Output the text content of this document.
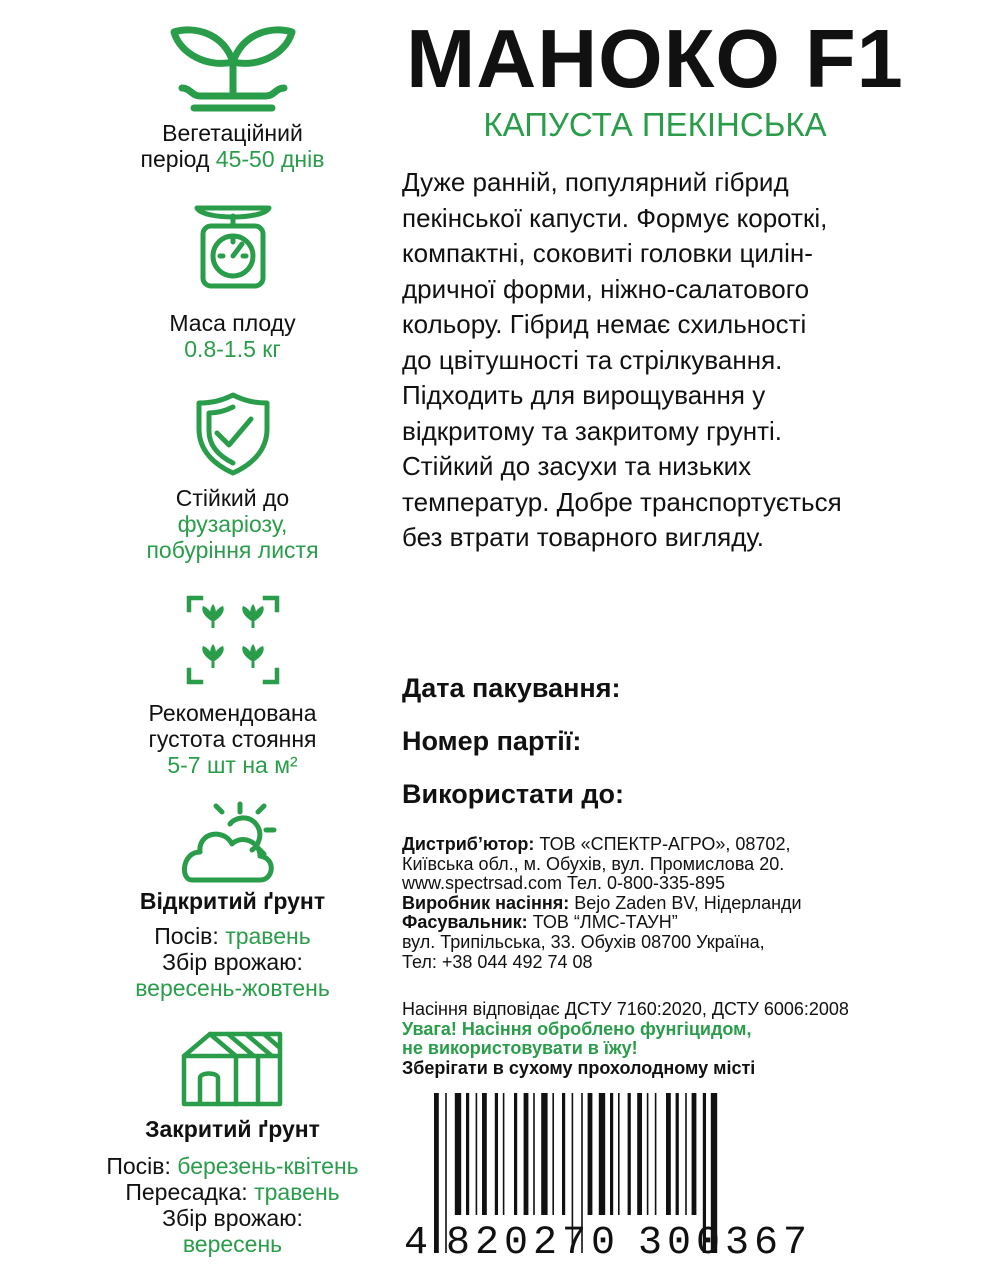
Вегетаційний
період 45-50 днів
Маса плоду
0.8-1.5 кг
Стійкий до
фузаріозу,
побуріння листя
Рекомендована
густота стояння
5-7 шт на м²
Відкритий ґрунт
Посів: травень
Збір врожаю:
вересень-жовтень
Закритий ґрунт
Посів: березень-квітень
Пересадка: травень
Збір врожаю:
вересень
МАНОКО F1
КАПУСТА ПЕКІНСЬКА

Дуже ранній, популярний гібрид

пекінської капусти. Формує короткі,

компактні, соковиті головки цилін-

дричної форми, ніжно-салатового

кольору. Гібрид немає схильності

до цвітушності та стрілкування.

Підходить для вирощування у

відкритому та закритому грунті.

Стійкий до засухи та низьких

температур. Добре транспортується

без втрати товарного вигляду.

Дата пакування:
Номер партії:
Використати до:

Дистриб’ютор: ТОВ «СПЕКТР-АГРО», 08702,

Київська обл., м. Обухів, вул. Промислова 20.

www.spectrsad.com Тел. 0-800-335-895

Виробник насіння: Bejo Zaden BV, Нідерланди

Фасувальник: ТОВ “ЛМС-ТАУН”

вул. Трипільська, 33. Обухів 08700 Україна,

Тел: +38 044 492 74 08

Насіння відповідає ДСТУ 7160:2020, ДСТУ 6006:2008

Увага! Насіння оброблено фунгіцидом,

не використовувати в їжу!

Зберігати в сухому прохолодному місті

4 820270 300367
